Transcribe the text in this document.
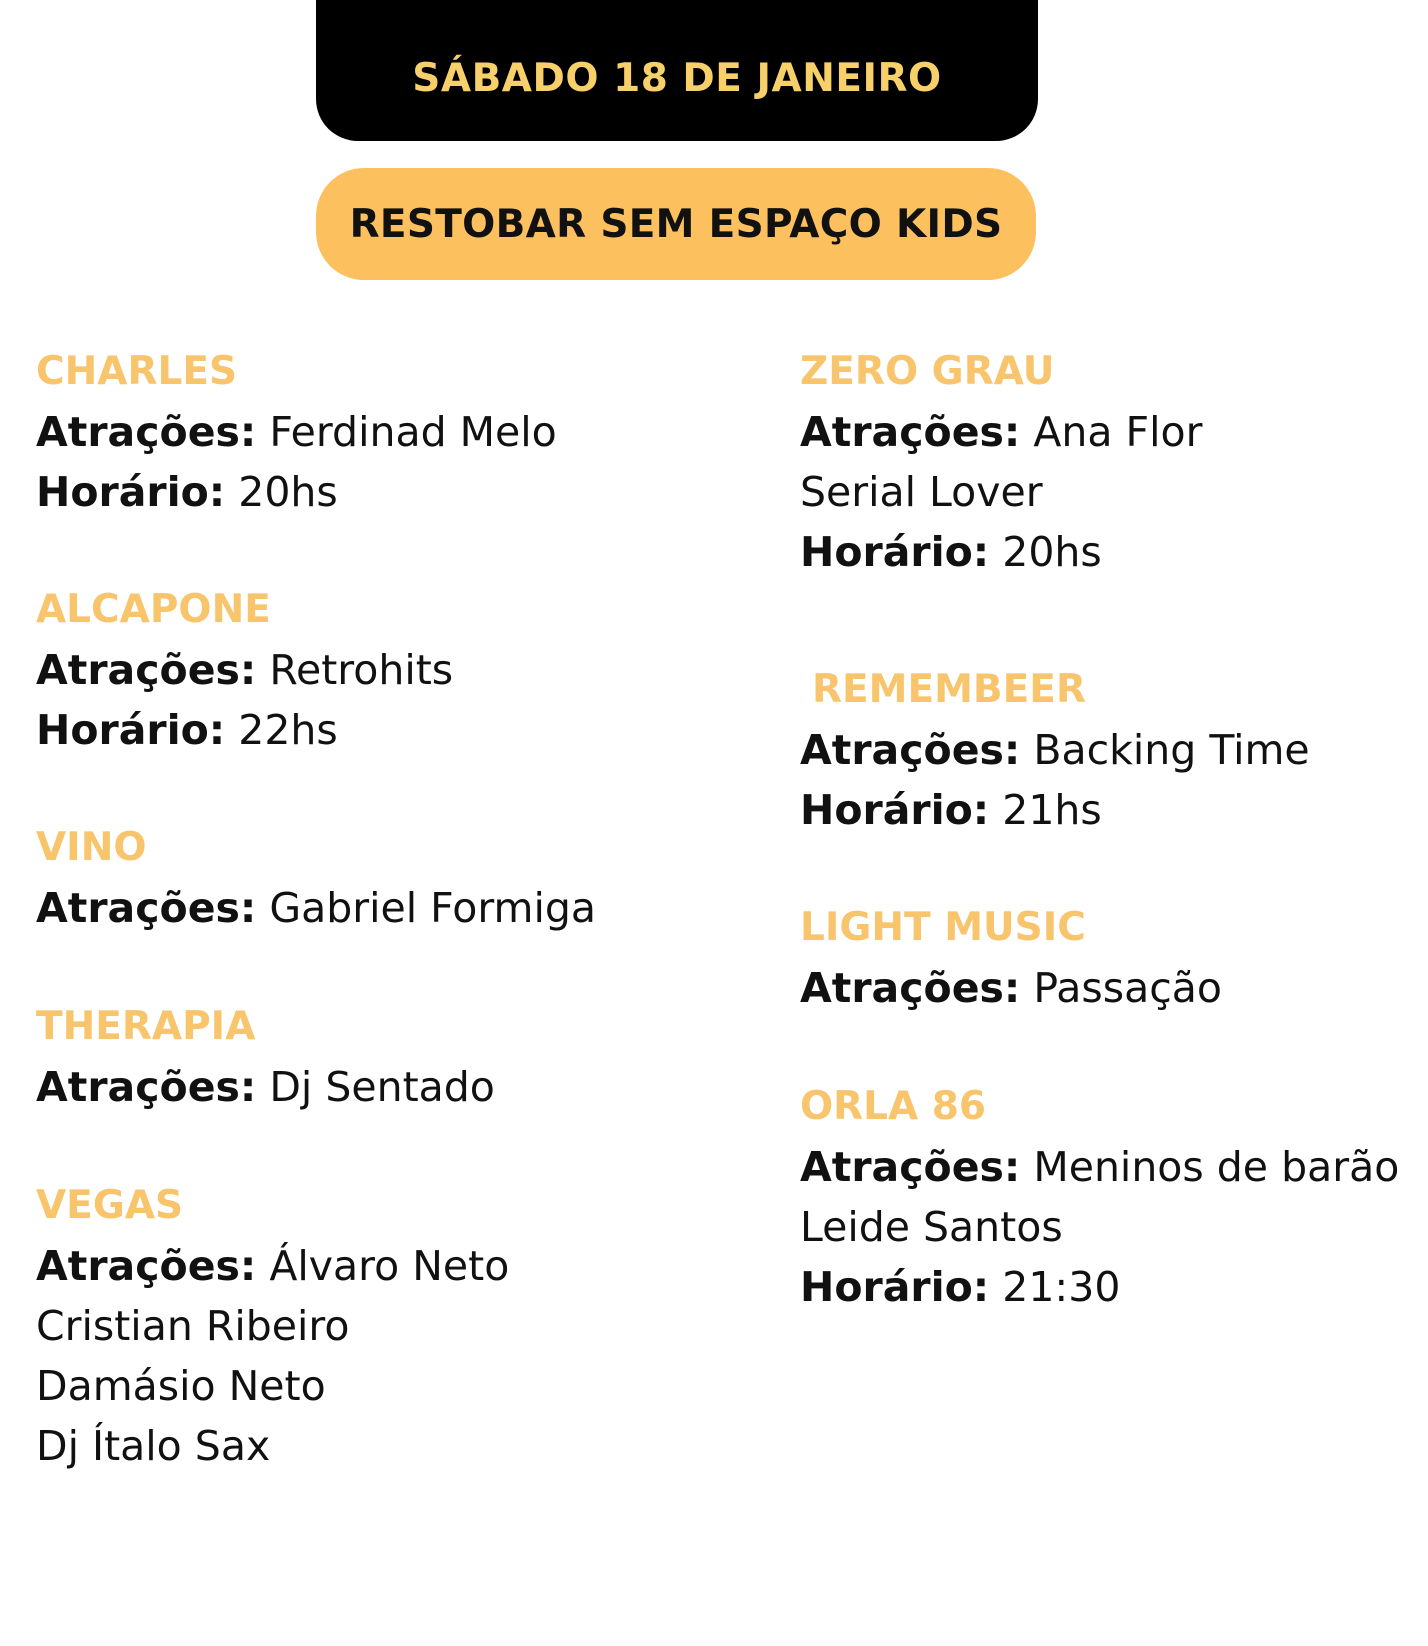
SÁBADO 18 DE JANEIRO
RESTOBAR SEM ESPAÇO KIDS
CHARLES
Atrações: Ferdinad Melo
Horário: 20hs
ALCAPONE
Atrações: Retrohits
Horário: 22hs
VINO
Atrações: Gabriel Formiga
THERAPIA
Atrações: Dj Sentado
VEGAS
Atrações: Álvaro Neto
Cristian Ribeiro
Damásio Neto
Dj Ítalo Sax
ZERO GRAU
Atrações: Ana Flor
Serial Lover
Horário: 20hs
REMEMBEER
Atrações: Backing Time
Horário: 21hs
LIGHT MUSIC
Atrações: Passação
ORLA 86
Atrações: Meninos de barão
Leide Santos
Horário: 21:30
